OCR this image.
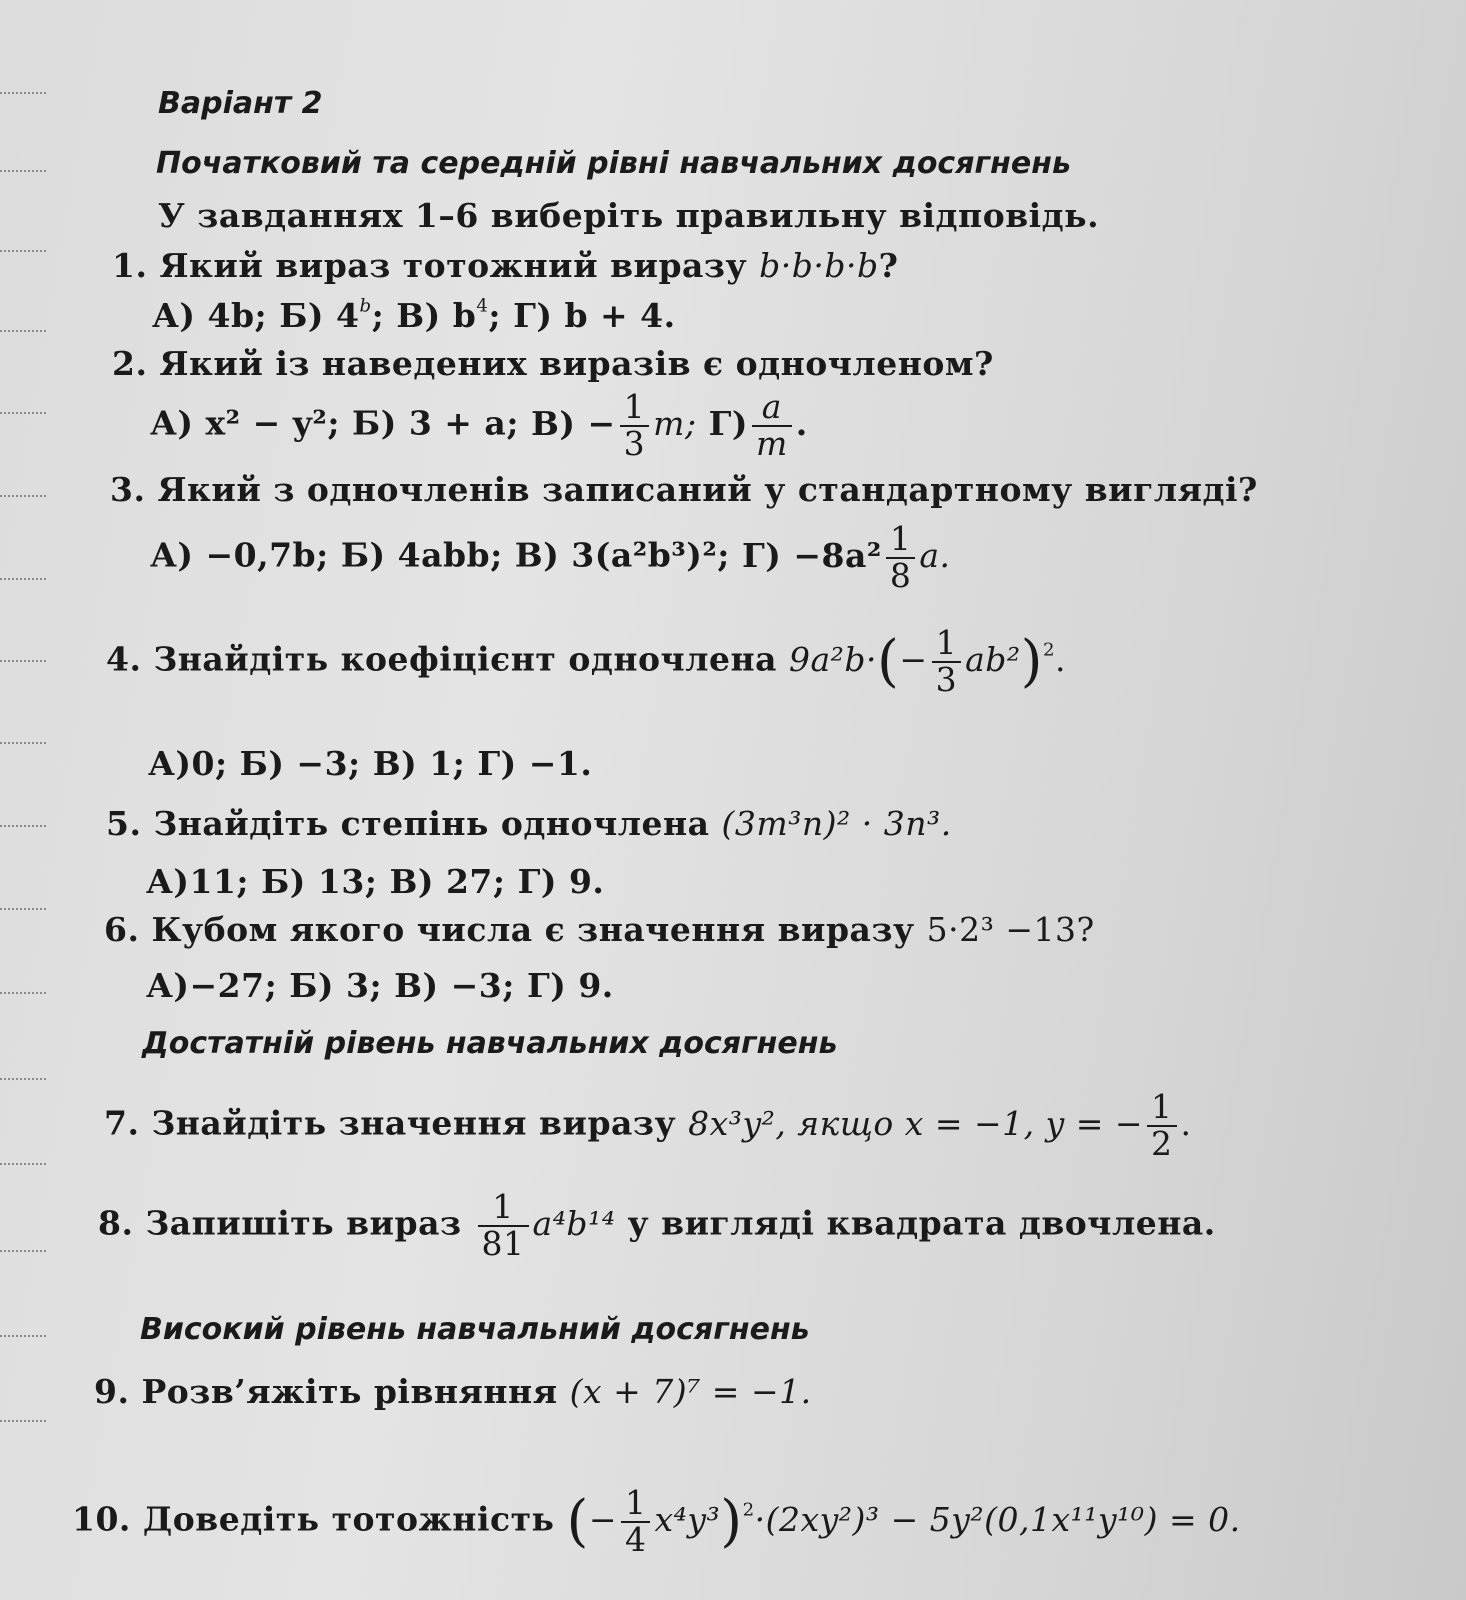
Варіант 2
Початковий та середній рівні навчальних досягнень
У завданнях 1–6 виберіть правильну відповідь.
1. Який вираз тотожний виразу b·b·b·b?
А) 4b; Б) 4$^b$; В) $b^4$; Г) b + 4.
2. Який із наведених виразів є одночленом?
А) x² − y²; Б) 3 + a; $В) - \frac{1}{3} m$; $Г) \frac{a}{m}$ .
3. Який з одночленів записаний у стандартному вигляді?
А) −0,7b; Б) 4abb; В) 3(a²b³)²; $Г) -8a^2 \frac{1}{8} a$.
4. Знайдіть коефіцієнт одночлена $9a^2b\cdot(- \frac{1}{3} ab^2)^2$.
А)0; Б) −3; В) 1; Г) −1.
5. Знайдіть степінь одночлена (3m³n)² · 3n³.
А)11; Б) 13; В) 27; Г) 9.
6. Кубом якого числа є значення виразу 5·2³ −13?
А)−27; Б) 3; В) −3; Г) 9.
Достатній рівень навчальних досягнень
7. Знайдіть значення виразу 8x³y², якщо x = −1, y = − $\frac{1}{2}$ .
8. Запишіть вираз $\frac{1}{81} a^4b^{14}$ у вигляді квадрата двочлена.
Високий рівень навчальний досягнень
9. Розв’яжіть рівняння (x + 7)⁷ = −1.
10. Доведіть тотожність (− $\frac{1}{4} x^4y^3)^2\cdot(2xy^2)^3 - 5y^2(0,1x^{11}y^{10}) = 0$.
